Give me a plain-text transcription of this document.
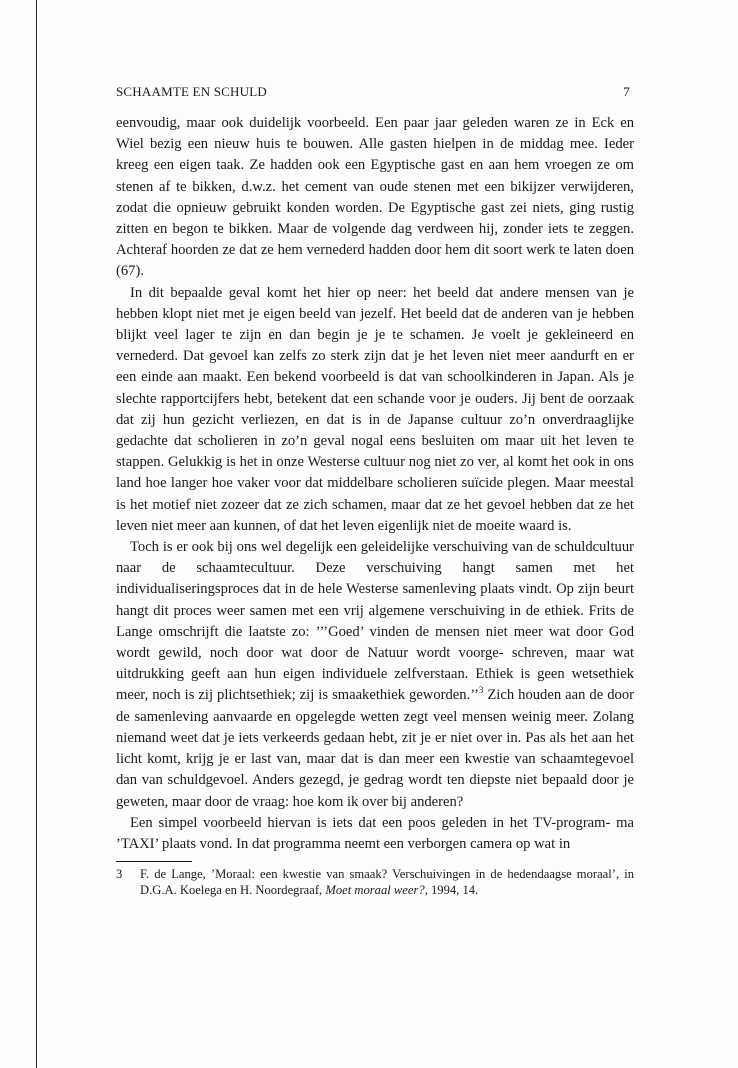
SCHAAMTE EN SCHULD	7

eenvoudig, maar ook duidelijk voorbeeld. Een paar jaar geleden waren ze in Eck en Wiel bezig een nieuw huis te bouwen. Alle gasten hielpen in de middag mee. Ieder kreeg een eigen taak. Ze hadden ook een Egyptische gast en aan hem vroegen ze om stenen af te bikken, d.w.z. het cement van oude stenen met een bikijzer verwijderen, zodat die opnieuw gebruikt konden worden. De Egyptische gast zei niets, ging rustig zitten en begon te bikken. Maar de volgende dag verdween hij, zonder iets te zeggen. Achteraf hoorden ze dat ze hem vernederd hadden door hem dit soort werk te laten doen (67).

In dit bepaalde geval komt het hier op neer: het beeld dat andere mensen van je hebben klopt niet met je eigen beeld van jezelf. Het beeld dat de anderen van je hebben blijkt veel lager te zijn en dan begin je je te schamen. Je voelt je gekleineerd en vernederd. Dat gevoel kan zelfs zo sterk zijn dat je het leven niet meer aandurft en er een einde aan maakt. Een bekend voorbeeld is dat van schoolkinderen in Japan. Als je slechte rapportcijfers hebt, betekent dat een schande voor je ouders. Jij bent de oorzaak dat zij hun gezicht verliezen, en dat is in de Japanse cultuur zo’n onverdraaglijke gedachte dat scholieren in zo’n geval nogal eens besluiten om maar uit het leven te stappen. Gelukkig is het in onze Westerse cultuur nog niet zo ver, al komt het ook in ons land hoe langer hoe vaker voor dat middelbare scholieren suïcide plegen. Maar meestal is het motief niet zozeer dat ze zich schamen, maar dat ze het gevoel hebben dat ze het leven niet meer aan kunnen, of dat het leven eigenlijk niet de moeite waard is.

Toch is er ook bij ons wel degelijk een geleidelijke verschuiving van de schuldcultuur naar de schaamtecultuur. Deze verschuiving hangt samen met het individualiseringsproces dat in de hele Westerse samenleving plaats vindt. Op zijn beurt hangt dit proces weer samen met een vrij algemene verschuiving in de ethiek. Frits de Lange omschrijft die laatste zo: ’’’Goed’ vinden de mensen niet meer wat door God wordt gewild, noch door wat door de Natuur wordt voorge- schreven, maar wat uitdrukking geeft aan hun eigen individuele zelfverstaan. Ethiek is geen wetsethiek meer, noch is zij plichtsethiek; zij is smaakethiek geworden.’’$^3$ Zich houden aan de door de samenleving aanvaarde en opgelegde wetten zegt veel mensen weinig meer. Zolang niemand weet dat je iets verkeerds gedaan hebt, zit je er niet over in. Pas als het aan het licht komt, krijg je er last van, maar dat is dan meer een kwestie van schaamtegevoel dan van schuldgevoel. Anders gezegd, je gedrag wordt ten diepste niet bepaald door je geweten, maar door de vraag: hoe kom ik over bij anderen?

Een simpel voorbeeld hiervan is iets dat een poos geleden in het TV-program- ma ’TAXI’ plaats vond. In dat programma neemt een verborgen camera op wat in

3	F. de Lange, ’Moraal: een kwestie van smaak? Verschuivingen in de hedendaagse moraal’, in D.G.A. Koelega en H. Noordegraaf, Moet moraal weer?, 1994, 14.
